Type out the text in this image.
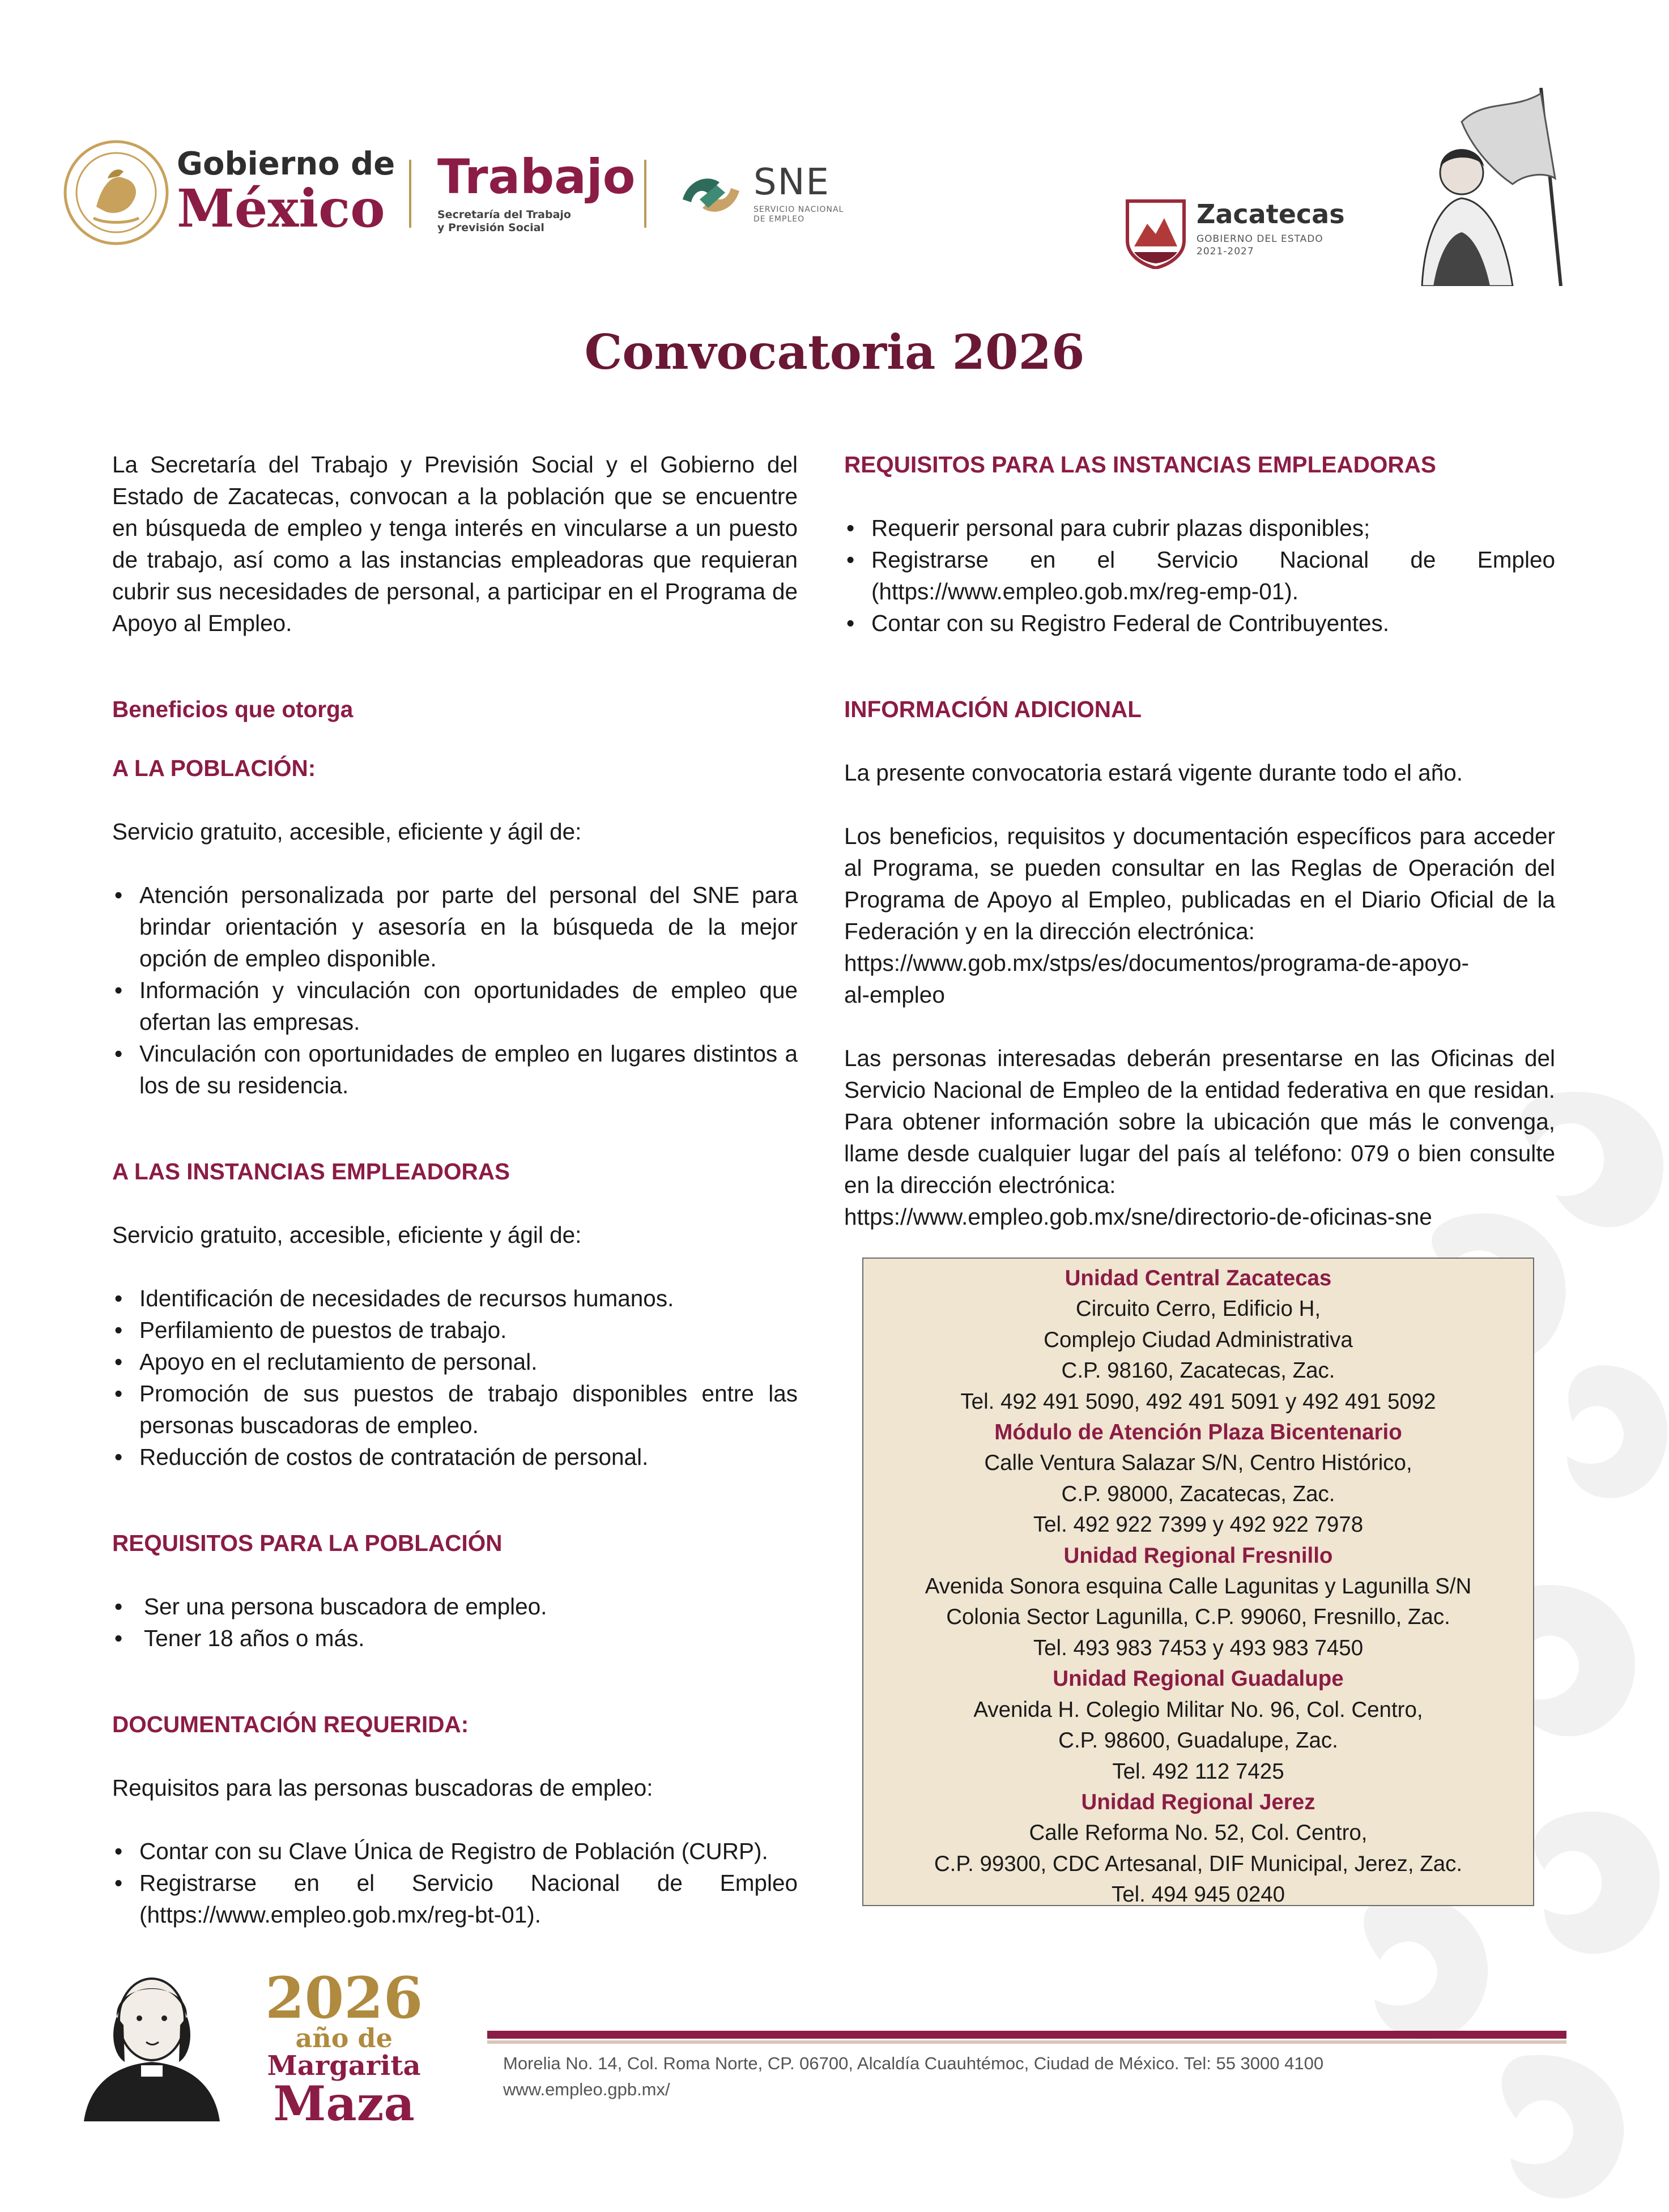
Gobierno de
México
Trabajo
Secretaría del Trabajo
y Previsión Social
SNE
SERVICIO NACIONAL
DE EMPLEO	Zacatecas
GOBIERNO DEL ESTADO
2021-2027
Convocatoria 2026

La Secretaría del Trabajo y Previsión Social y el Gobierno del Estado de Zacatecas, convocan a la población que se encuentre en búsqueda de empleo y tenga interés en vincularse a un puesto de trabajo, así como a las instancias empleadoras que requieran cubrir sus necesidades de personal, a participar en el Programa de Apoyo al Empleo.

Beneficios que otorga
A LA POBLACIÓN:

Servicio gratuito, accesible, eficiente y ágil de:

• Atención personalizada por parte del personal del SNE para brindar orientación y asesoría en la búsqueda de la mejor opción de empleo disponible.
• Información y vinculación con oportunidades de empleo que ofertan las empresas.
• Vinculación con oportunidades de empleo en lugares distintos a los de su residencia.
A LAS INSTANCIAS EMPLEADORAS

Servicio gratuito, accesible, eficiente y ágil de:

• Identificación de necesidades de recursos humanos.
• Perfilamiento de puestos de trabajo.
• Apoyo en el reclutamiento de personal.
• Promoción de sus puestos de trabajo disponibles entre las personas buscadoras de empleo.
• Reducción de costos de contratación de personal.
REQUISITOS PARA LA POBLACIÓN
• Ser una persona buscadora de empleo.
• Tener 18 años o más.
DOCUMENTACIÓN REQUERIDA:

Requisitos para las personas buscadoras de empleo:

• Contar con su Clave Única de Registro de Población (CURP).
• Registrarse en el Servicio Nacional de Empleo (https://www.empleo.gob.mx/reg-bt-01).
REQUISITOS PARA LAS INSTANCIAS EMPLEADORAS
• Requerir personal para cubrir plazas disponibles;
• Registrarse en el Servicio Nacional de Empleo (https://www.empleo.gob.mx/reg-emp-01).
• Contar con su Registro Federal de Contribuyentes.
INFORMACIÓN ADICIONAL

La presente convocatoria estará vigente durante todo el año.

Los beneficios, requisitos y documentación específicos para acceder al Programa, se pueden consultar en las Reglas de Operación del Programa de Apoyo al Empleo, publicadas en el Diario Oficial de la Federación y en la dirección electrónica:

https://www.gob.mx/stps/es/documentos/programa-de-apoyo-

al-empleo

Las personas interesadas deberán presentarse en las Oficinas del Servicio Nacional de Empleo de la entidad federativa en que residan. Para obtener información sobre la ubicación que más le convenga, llame desde cualquier lugar del país al teléfono: 079 o bien consulte en la dirección electrónica:

https://www.empleo.gob.mx/sne/directorio-de-oficinas-sne

Unidad Central Zacatecas
Circuito Cerro, Edificio H,
Complejo Ciudad Administrativa
C.P. 98160, Zacatecas, Zac.
Tel. 492 491 5090, 492 491 5091 y 492 491 5092
Módulo de Atención Plaza Bicentenario
Calle Ventura Salazar S/N, Centro Histórico,
C.P. 98000, Zacatecas, Zac.
Tel. 492 922 7399 y 492 922 7978
Unidad Regional Fresnillo
Avenida Sonora esquina Calle Lagunitas y Lagunilla S/N
Colonia Sector Lagunilla, C.P. 99060, Fresnillo, Zac.
Tel. 493 983 7453 y 493 983 7450
Unidad Regional Guadalupe
Avenida H. Colegio Militar No. 96, Col. Centro,
C.P. 98600, Guadalupe, Zac.
Tel. 492 112 7425
Unidad Regional Jerez
Calle Reforma No. 52, Col. Centro,
C.P. 99300, CDC Artesanal, DIF Municipal, Jerez, Zac.
Tel. 494 945 0240
2026
año de
Margarita
Maza
Morelia No. 14, Col. Roma Norte, CP. 06700, Alcaldía Cuauhtémoc, Ciudad de México. Tel: 55 3000 4100
www.empleo.gpb.mx/
